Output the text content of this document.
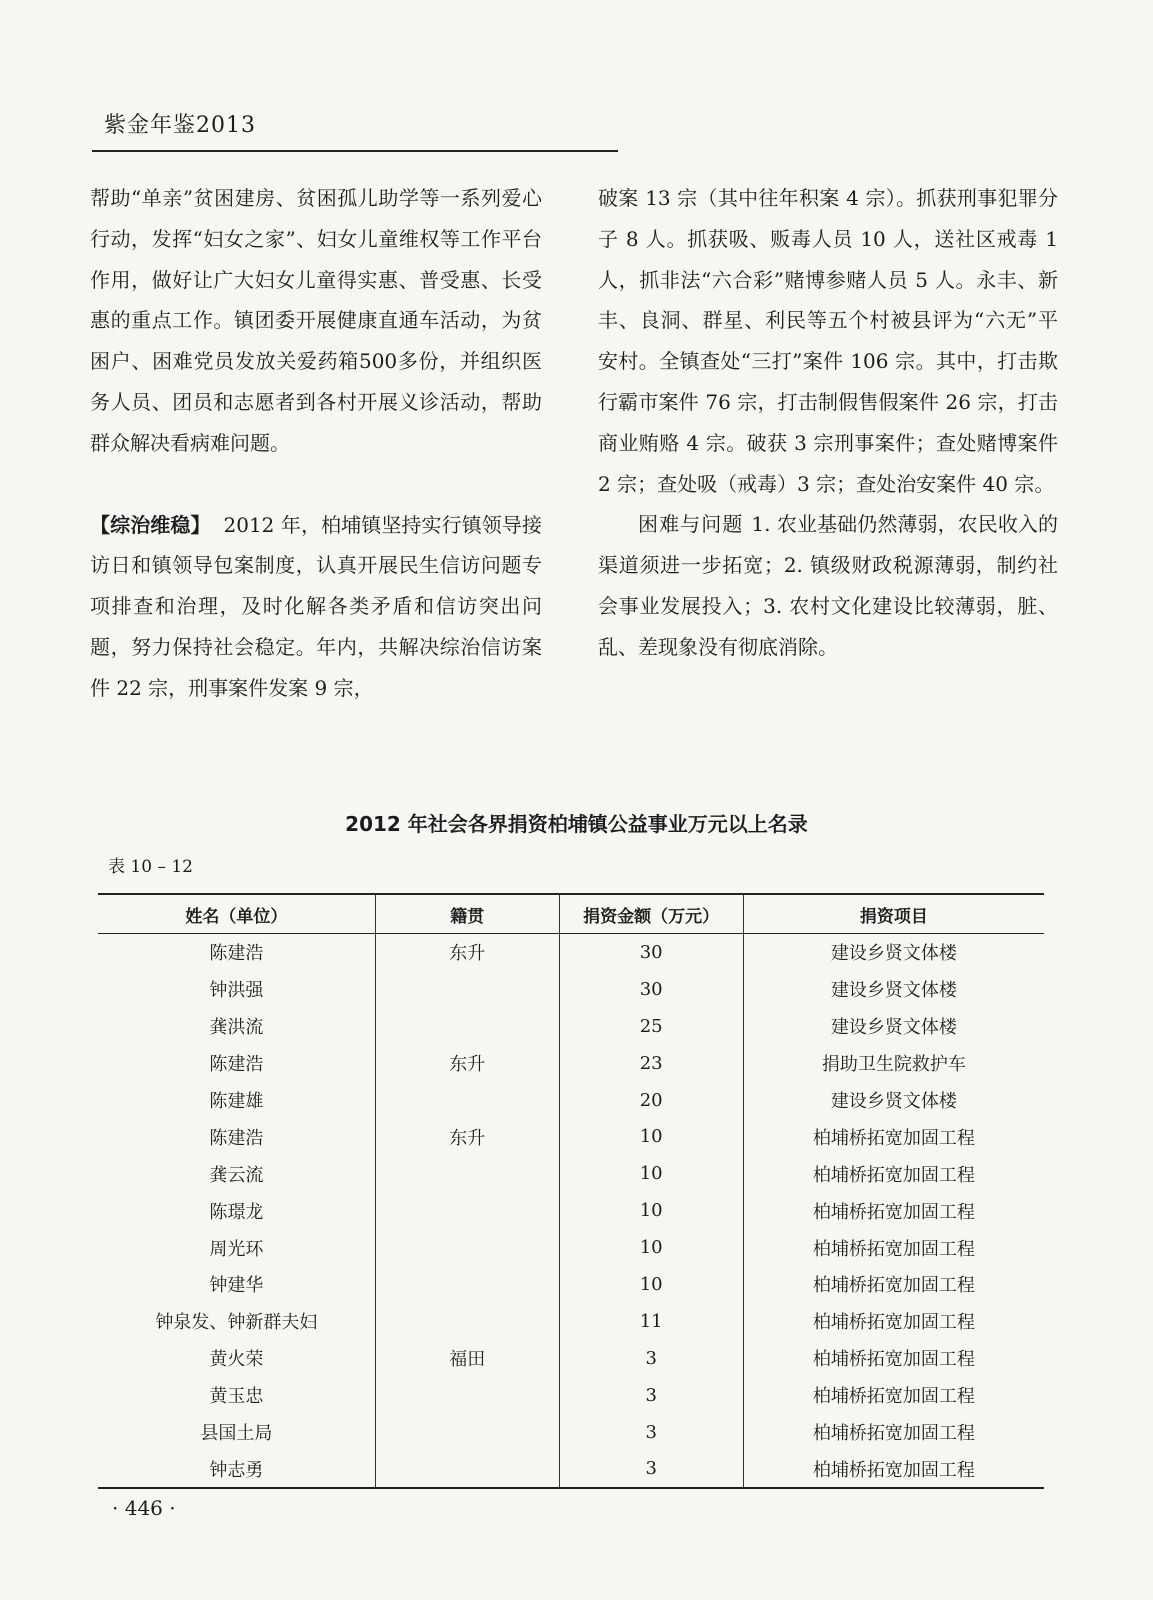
紫金年鉴2013

帮助“单亲”贫困建房、贫困孤儿助学等一系列爱心行动，发挥“妇女之家”、妇女儿童维权等工作平台作用，做好让广大妇女儿童得实惠、普受惠、长受惠的重点工作。镇团委开展健康直通车活动，为贫困户、困难党员发放关爱药箱500多份，并组织医务人员、团员和志愿者到各村开展义诊活动，帮助群众解决看病难问题。

【综治维稳】 2012 年，柏埔镇坚持实行镇领导接访日和镇领导包案制度，认真开展民生信访问题专项排查和治理，及时化解各类矛盾和信访突出问题，努力保持社会稳定。年内，共解决综治信访案件 22 宗，刑事案件发案 9 宗，

破案 13 宗（其中往年积案 4 宗）。抓获刑事犯罪分子 8 人。抓获吸、贩毒人员 10 人，送社区戒毒 1 人，抓非法“六合彩”赌博参赌人员 5 人。永丰、新丰、良洞、群星、利民等五个村被县评为“六无”平安村。全镇查处“三打”案件 106 宗。其中，打击欺行霸市案件 76 宗，打击制假售假案件 26 宗，打击商业贿赂 4 宗。破获 3 宗刑事案件；查处赌博案件 2 宗；查处吸（戒毒）3 宗；查处治安案件 40 宗。

困难与问题 1. 农业基础仍然薄弱，农民收入的渠道须进一步拓宽；2. 镇级财政税源薄弱，制约社会事业发展投入；3. 农村文化建设比较薄弱，脏、乱、差现象没有彻底消除。

2012 年社会各界捐资柏埔镇公益事业万元以上名录
表 10 – 12
姓名（单位）	籍贯	捐资金额（万元）	捐资项目
陈建浩	东升	30	建设乡贤文体楼
钟洪强		30	建设乡贤文体楼
龚洪流		25	建设乡贤文体楼
陈建浩	东升	23	捐助卫生院救护车
陈建雄		20	建设乡贤文体楼
陈建浩	东升	10	柏埔桥拓宽加固工程
龚云流		10	柏埔桥拓宽加固工程
陈璟龙		10	柏埔桥拓宽加固工程
周光环		10	柏埔桥拓宽加固工程
钟建华		10	柏埔桥拓宽加固工程
钟泉发、钟新群夫妇		11	柏埔桥拓宽加固工程
黄火荣	福田	3	柏埔桥拓宽加固工程
黄玉忠		3	柏埔桥拓宽加固工程
县国土局		3	柏埔桥拓宽加固工程
钟志勇		3	柏埔桥拓宽加固工程
· 446 ·
